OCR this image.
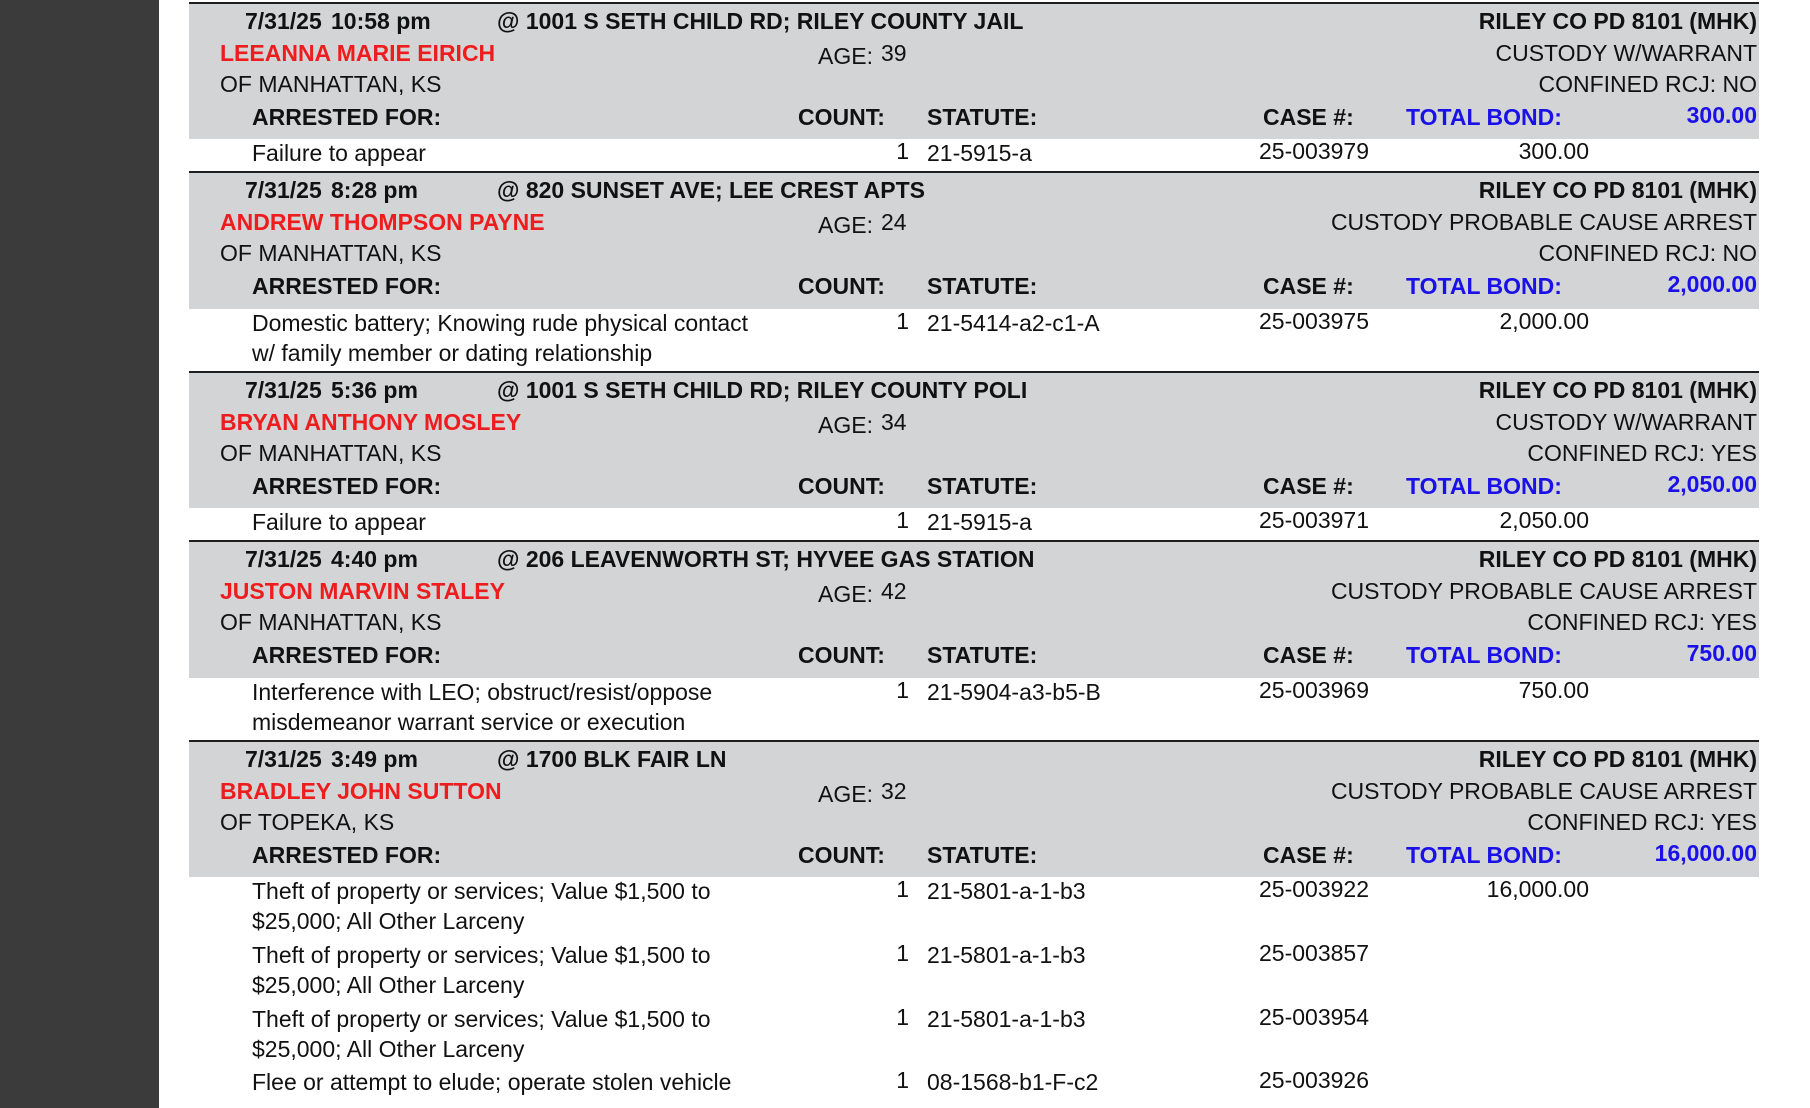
7/31/25 10:58 pm	@ 1001 S SETH CHILD RD; RILEY COUNTY JAIL	RILEY CO PD 8101 (MHK)
LEEANNA MARIE EIRICH	AGE: 39	CUSTODY W/WARRANT
OF MANHATTAN, KS	CONFINED RCJ: NO
ARRESTED FOR:	COUNT: STATUTE:	CASE #: TOTAL BOND:	300.00
Failure to appear	1 21-5915-a	25-003979	300.00
7/31/25 8:28 pm	@ 820 SUNSET AVE; LEE CREST APTS	RILEY CO PD 8101 (MHK)
ANDREW THOMPSON PAYNE	AGE: 24	CUSTODY PROBABLE CAUSE ARREST
OF MANHATTAN, KS	CONFINED RCJ: NO
ARRESTED FOR:	COUNT: STATUTE:	CASE #: TOTAL BOND:	2,000.00
Domestic battery; Knowing rude physical contact
w/ family member or dating relationship
1 21-5414-a2-c1-A	25-003975	2,000.00
7/31/25 5:36 pm	@ 1001 S SETH CHILD RD; RILEY COUNTY POLI	RILEY CO PD 8101 (MHK)
BRYAN ANTHONY MOSLEY	AGE: 34	CUSTODY W/WARRANT
OF MANHATTAN, KS	CONFINED RCJ: YES
ARRESTED FOR:	COUNT: STATUTE:	CASE #: TOTAL BOND:	2,050.00
Failure to appear	1 21-5915-a	25-003971	2,050.00
7/31/25 4:40 pm	@ 206 LEAVENWORTH ST; HYVEE GAS STATION	RILEY CO PD 8101 (MHK)
JUSTON MARVIN STALEY	AGE: 42	CUSTODY PROBABLE CAUSE ARREST
OF MANHATTAN, KS	CONFINED RCJ: YES
ARRESTED FOR:	COUNT: STATUTE:	CASE #: TOTAL BOND:	750.00
Interference with LEO; obstruct/resist/oppose
misdemeanor warrant service or execution
1 21-5904-a3-b5-B	25-003969	750.00
7/31/25 3:49 pm	@ 1700 BLK FAIR LN	RILEY CO PD 8101 (MHK)
BRADLEY JOHN SUTTON	AGE: 32	CUSTODY PROBABLE CAUSE ARREST
OF TOPEKA, KS	CONFINED RCJ: YES
ARRESTED FOR:	COUNT: STATUTE:	CASE #: TOTAL BOND:	16,000.00
Theft of property or services; Value $1,500 to
$25,000; All Other Larceny
1 21-5801-a-1-b3	25-003922	16,000.00
Theft of property or services; Value $1,500 to
$25,000; All Other Larceny
1 21-5801-a-1-b3	25-003857
Theft of property or services; Value $1,500 to
$25,000; All Other Larceny
1 21-5801-a-1-b3	25-003954
Flee or attempt to elude; operate stolen vehicle	1 08-1568-b1-F-c2	25-003926
